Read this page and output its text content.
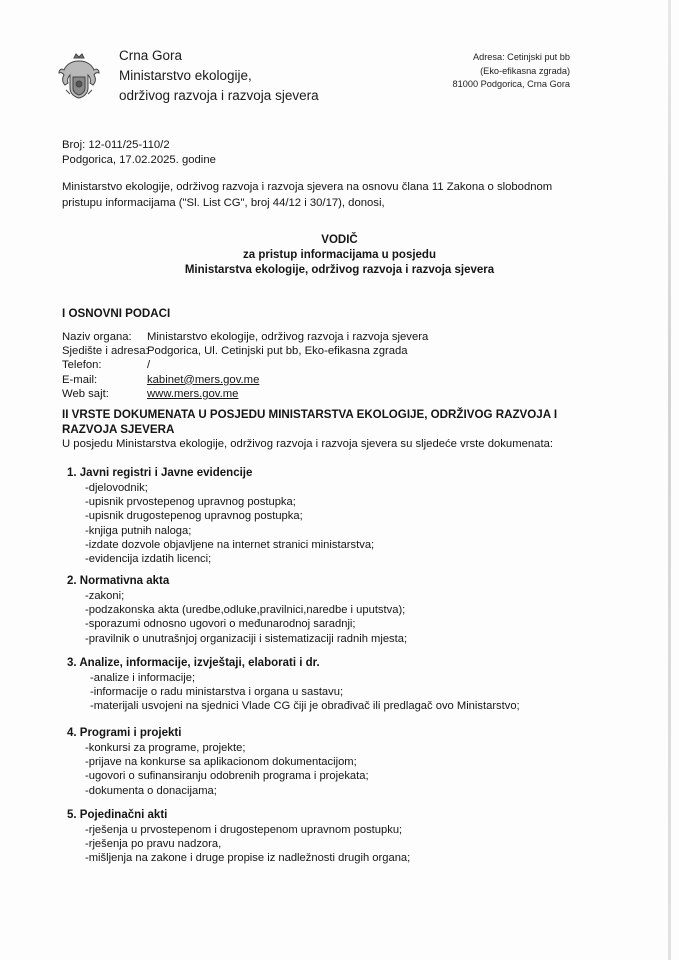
Crna Gora
Ministarstvo ekologije,
održivog razvoja i razvoja sjevera
Adresa: Cetinjski put bb
(Eko-efikasna zgrada)
81000 Podgorica, Crna Gora
Broj: 12-011/25-110/2
Podgorica, 17.02.2025. godine
Ministarstvo ekologije, održivog razvoja i razvoja sjevera na osnovu člana 11 Zakona o slobodnom pristupu informacijama ("Sl. List CG", broj 44/12 i 30/17), donosi,
VODIČ
za pristup informacijama u posjedu
Ministarstva ekologije, održivog razvoja i razvoja sjevera
I OSNOVNI PODACI
Naziv organa:	Ministarstvo ekologije, održivog razvoja i razvoja sjevera
Sjedište i adresa:
Podgorica, Ul. Cetinjski put bb, Eko-efikasna zgrada
Telefon:	/
E-mail:	kabinet@mers.gov.me
Web sajt:	www.mers.gov.me
II VRSTE DOKUMENATA U POSJEDU MINISTARSTVA EKOLOGIJE, ODRŽIVOG RAZVOJA I RAZVOJA SJEVERA
U posjedu Ministarstva ekologije, održivog razvoja i razvoja sjevera su sljedeće vrste dokumenata:
1. Javni registri i Javne evidencije
-djelovodnik;
-upisnik prvostepenog upravnog postupka;
-upisnik drugostepenog upravnog postupka;
-knjiga putnih naloga;
-izdate dozvole objavljene na internet stranici ministarstva;
-evidencija izdatih licenci;
2. Normativna akta
-zakoni;
-podzakonska akta (uredbe,odluke,pravilnici,naredbe i uputstva);
-sporazumi odnosno ugovori o međunarodnoj saradnji;
-pravilnik o unutrašnjoj organizaciji i sistematizaciji radnih mjesta;
3. Analize, informacije, izvještaji, elaborati i dr.
-analize i informacije;
-informacije o radu ministarstva i organa u sastavu;
-materijali usvojeni na sjednici Vlade CG čiji je obrađivač ili predlagač ovo Ministarstvo;
4. Programi i projekti
-konkursi za programe, projekte;
-prijave na konkurse sa aplikacionom dokumentacijom;
-ugovori o sufinansiranju odobrenih programa i projekata;
-dokumenta o donacijama;
5. Pojedinačni akti
-rješenja u prvostepenom i drugostepenom upravnom postupku;
-rješenja po pravu nadzora,
-mišljenja na zakone i druge propise iz nadležnosti drugih organa;
